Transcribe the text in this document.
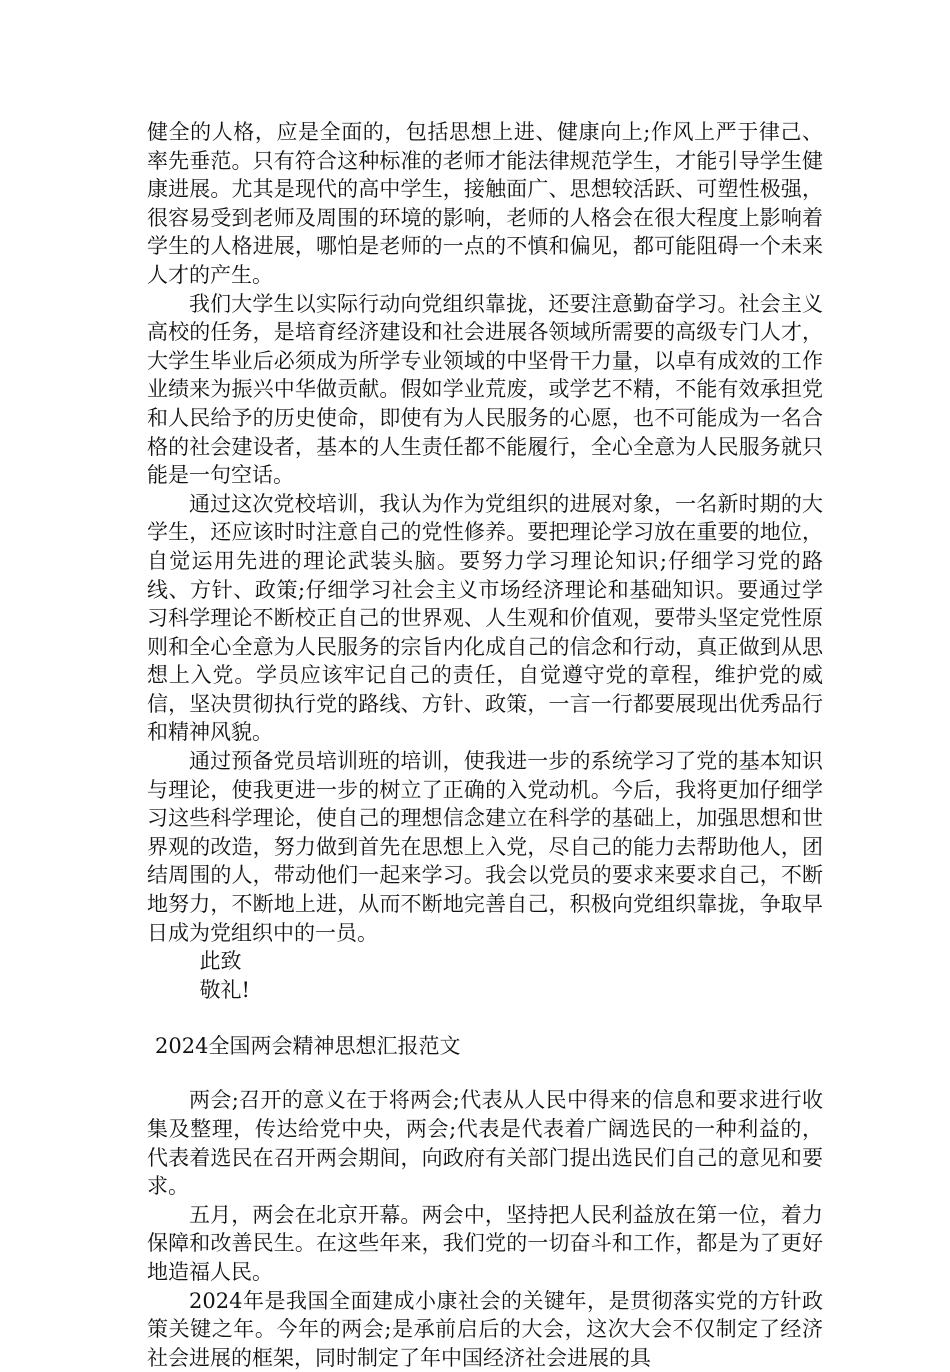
健全的人格，应是全面的，包括思想上进、健康向上;作风上严于律己、率先垂范。只有符合这种标准的老师才能法律规范学生，才能引导学生健康进展。尤其是现代的高中学生，接触面广、思想较活跃、可塑性极强，很容易受到老师及周围的环境的影响，老师的人格会在很大程度上影响着学生的人格进展，哪怕是老师的一点的不慎和偏见，都可能阻碍一个未来人才的产生。

我们大学生以实际行动向党组织靠拢，还要注意勤奋学习。社会主义高校的任务，是培育经济建设和社会进展各领域所需要的高级专门人才，大学生毕业后必须成为所学专业领域的中坚骨干力量，以卓有成效的工作业绩来为振兴中华做贡献。假如学业荒废，或学艺不精，不能有效承担党和人民给予的历史使命，即使有为人民服务的心愿，也不可能成为一名合格的社会建设者，基本的人生责任都不能履行，全心全意为人民服务就只能是一句空话。

通过这次党校培训，我认为作为党组织的进展对象，一名新时期的大学生，还应该时时注意自己的党性修养。要把理论学习放在重要的地位，自觉运用先进的理论武装头脑。要努力学习理论知识;仔细学习党的路线、方针、政策;仔细学习社会主义市场经济理论和基础知识。要通过学习科学理论不断校正自己的世界观、人生观和价值观，要带头坚定党性原则和全心全意为人民服务的宗旨内化成自己的信念和行动，真正做到从思想上入党。学员应该牢记自己的责任，自觉遵守党的章程，维护党的威信，坚决贯彻执行党的路线、方针、政策，一言一行都要展现出优秀品行和精神风貌。

通过预备党员培训班的培训，使我进一步的系统学习了党的基本知识与理论，使我更进一步的树立了正确的入党动机。今后，我将更加仔细学习这些科学理论，使自己的理想信念建立在科学的基础上，加强思想和世界观的改造，努力做到首先在思想上入党，尽自己的能力去帮助他人，团结周围的人，带动他们一起来学习。我会以党员的要求来要求自己，不断地努力，不断地上进，从而不断地完善自己，积极向党组织靠拢，争取早日成为党组织中的一员。

此致

敬礼!

2024全国两会精神思想汇报范文

两会;召开的意义在于将两会;代表从人民中得来的信息和要求进行收集及整理，传达给党中央，两会;代表是代表着广阔选民的一种利益的，代表着选民在召开两会期间，向政府有关部门提出选民们自己的意见和要求。

五月，两会在北京开幕。两会中，坚持把人民利益放在第一位，着力保障和改善民生。在这些年来，我们党的一切奋斗和工作，都是为了更好地造福人民。

2024年是我国全面建成小康社会的关键年，是贯彻落实党的方针政策关键之年。今年的两会;是承前启后的大会，这次大会不仅制定了经济社会进展的框架，同时制定了年中国经济社会进展的具
